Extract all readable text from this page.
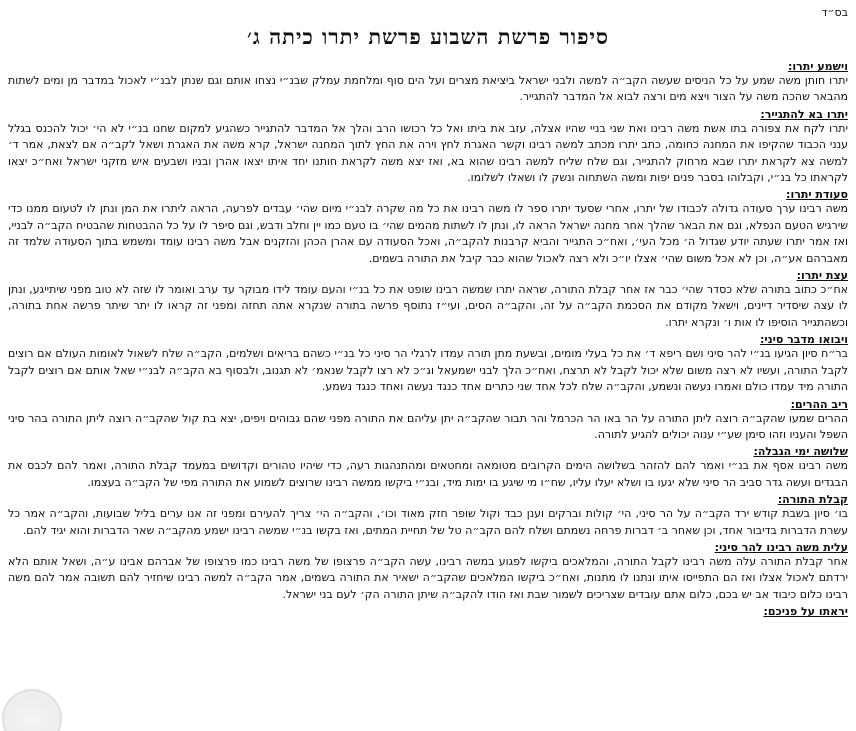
בס״ד
סיפור פרשת השבוע פרשת יתרו כיתה ג׳
וישמע יתרו:
יתרו חותן משה שמע על כל הניסים שעשה הקב״ה למשה ולבני ישראל ביציאת מצרים ועל הים סוף ומלחמת עמלק שבנ״י נצחו אותם וגם שנתן לבנ״י לאכול במדבר מן ומים לשתות מהבאר שהכה משה על הצור ויצא מים ורצה לבוא אל המדבר להתגייר.
יתרו בא להתגייר:
יתרו לקח את צפורה בתו אשת משה רבינו ואת שני בניי שהיו אצלה, עזב את ביתו ואל כל רכושו הרב והלך אל המדבר להתגייר כשהגיע למקום שחנו בנ״י לא הי׳ יכול להכנס בגלל ענני הכבוד שהקיפו את המחנה כחומה, כתב יתרו מכתב למשה רבינו וקשר האגרת לחץ וירה את החץ לתוך המחנה ישראל, קרא משה את האגרת ושאל לקב״ה אם לצאת, אמר ד׳ למשה צא לקראת יתרו שבא מרחוק להתגייר, וגם שלח שליח למשה רבינו שהוא בא, ואז יצא משה לקראת חותנו יחד איתו יצאו אהרן ובניו ושבעים איש מזקני ישראל ואח״כ יצאו לקראתו כל בנ״י, וקבלוהו בסבר פנים יפות ומשה השתחוה ונשק לו ושאלו לשלומו.
סעודת יתרו:
משה רבינו ערך סעודה גדולה לכבודו של יתרו, אחרי שסעד יתרו ספר לו משה רבינו את כל מה שקרה לבנ״י מיום שהי׳ עבדים לפרעה, הראה ליתרו את המן ונתן לו לטעום ממנו כדי שירגיש הטעם הנפלא, וגם את הבאר שהלך אחר מחנה ישראל הראה לו, ונתן לו לשתות מהמים שהי׳ בו טעם כמו יין וחלב ודבש, וגם סיפר לו על כל ההבטחות שהבטיח הקב״ה לבניי, ואז אמר יתרו שעתה יודע שגדול ה׳ מכל העי׳, ואח״כ התגייר והביא קרבנות להקב״ה, ואכל הסעודה עם אהרן הכהן והזקנים אבל משה רבינו עומד ומשמש בתוך הסעודה שלמד זה מאברהם אע״ה, וכן לא אכל משום שהי׳ אצלו יו״כ ולא רצה לאכול שהוא כבר קיבל את התורה בשמים.
עצת יתרו:
אח״כ כתוב בתורה שלא כסדר שהי׳ כבר אז אחר קבלת התורה, שראה יתרו שמשה רבינו שופט את כל בנ״י והעם עומד לידו מבוקר עד ערב ואומר לו שזה לא טוב מפני שיתייגע, ונתן לו עצה שיסדיר דיינים, וישאל מקודם את הסכמת הקב״ה על זה, והקב״ה הסים, ועי״ז נתוסף פרשה בתורה שנקרא אתה תחזה ומפני זה קראו לו יתר שיתר פרשה אחת בתורה, וכשהתגייר הוסיפו לו אות ו׳ ונקרא יתרו.
ויבואו מדבר סיני:
בר״ח סיון הגיעו בנ״י להר סיני ושם ריפא ד׳ את כל בעלי מומים, ובשעת מתן תורה עמדו לרגלי הר סיני כל בנ״י כשהם בריאים ושלמים, הקב״ה שלח לשאול לאומות העולם אם רוצים לקבל התורה, ועשיו לא רצה משום שלא יכול לקבל לא תרצח, ואח״כ הלך לבני ישמעאל וג״כ לא רצו לקבל שנאמ׳ לא תגנוב, ולבסוף בא הקב״ה לבנ״י שאל אותם אם רוצים לקבל התורה מיד עמדו כולם ואמרו נעשה ונשמע, והקב״ה שלח לכל אחד שני כתרים אחד כנגד נעשה ואחד כנגד נשמע.
ריב ההרים:
ההרים שמעו שהקב״ה רוצה ליתן התורה על הר באו הר הכרמל והר תבור שהקב״ה יתן עליהם את התורה מפני שהם גבוהים ויפים, יצא בת קול שהקב״ה רוצה ליתן התורה בהר סיני השפל והעניו וזהו סימן שע״י ענוה יכולים להגיע לתורה.
שלושה ימי הגבלה:
משה רבינו אסף את בנ״י ואמר להם להזהר בשלושה הימים הקרובים מטומאה ומחטאים ומהתנהגות רעה, כדי שיהיו טהורים וקדושים במעמד קבלת התורה, ואמר להם לכבס את הבגדים ועשה גדר סביב הר סיני שלא יגעו בו ושלא יעלו עליו, שח״ו מי שיגע בו ימות מיד, ובנ״י ביקשו ממשה רבינו שרוצים לשמוע את התורה מפי של הקב״ה בעצמו.
קבלת התורה:
בו׳ סיון בשבת קודש ירד הקב״ה על הר סיני, הי׳ קולות וברקים וענן כבד וקול שופר חזק מאוד וכו׳, והקב״ה הי׳ צריך להעירם ומפני זה אנו ערים בליל שבועות, והקב״ה אמר כל עשרת הדברות בדיבור אחד, וכן שאחר ב׳ דברות פרחה נשמתם ושלח להם הקב״ה טל של תחיית המתים, ואז בקשו בנ״י שמשה רבינו ישמע מהקב״ה שאר הדברות והוא יגיד להם.
עלית משה רבינו להר סיני:
אחר קבלת התורה עלה משה רבינו לקבל התורה, והמלאכים ביקשו לפגוע במשה רבינו, עשה הקב״ה פרצופו של משה רבינו כמו פרצופו של אברהם אבינו ע״ה, ושאל אותם הלא ירדתם לאכול אצלו ואז הם התפייסו איתו ונתנו לו מתנות, ואח״כ ביקשו המלאכים שהקב״ה ישאיר את התורה בשמים, אמר הקב״ה למשה רבינו שיחזיר להם תשובה אמר להם משה רבינו כלום כיבוד אב יש בכם, כלום אתם עובדים שצריכים לשמור שבת ואז הודו להקב״ה שיתן התורה הק׳ לעם בני ישראל.
יראתו על פניכם:
